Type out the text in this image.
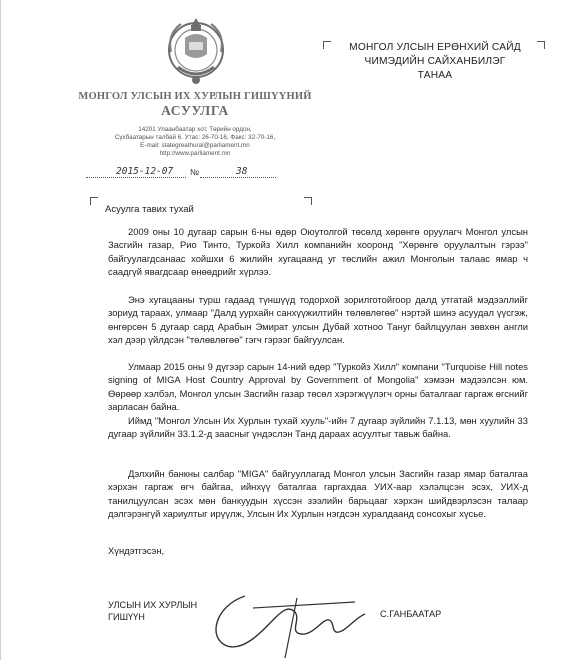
МОНГОЛ УЛСЫН ИХ ХУРЛЫН ГИШҮҮНИЙ
АСУУЛГА
14201 Улаанбаатар хот, Төрийн ордон,
Сүхбаатарын талбай 6. Утас: 26-70-16, Факс: 32-70-16,
E-mail: stategreathural@parliament.mn
http://www.parliament.mn
2015-12-07 №	38
МОНГОЛ УЛСЫН ЕРӨНХИЙ САЙД
ЧИМЭДИЙН САЙХАНБИЛЭГ
ТАНАА
Асуулга тавих тухай

2009 оны 10 дугаар сарын 6-ны өдөр Оюутолгой төсөлд хөрөнгө оруулагч Монгол улсын Засгийн газар, Рио Тинто, Туркойз Хилл компанийн хооронд "Хөрөнгө оруулалтын гэрээ" байгуулагдсанаас хойшхи 6 жилийн хугацаанд уг төслийн ажил Монголын талаас ямар ч саадгүй явагдсаар өнөөдрийг хүрлээ.

Энэ хугацааны турш гадаад түншүүд тодорхой зорилготойгоор далд утгатай мэдээллийг зориуд тараах, улмаар "Далд уурхайн санхүүжилтийн төлөвлөгөө" нэртэй шинэ асуудал үүсгэж, өнгөрсөн 5 дугаар сард Арабын Эмират улсын Дубай хотноо Тануг байлцуулан зөвхөн англи хэл дээр үйлдсэн "төлөвлөгөө" гэгч гэрээг байгуулсан.

Улмаар 2015 оны 9 дүгээр сарын 14-ний өдөр "Туркойз Хилл" компани "Turquoise Hill notes signing of MIGA Host Country Approval by Government of Mongolia" хэмээн мэдээлсэн юм. Өөрөөр хэлбэл, Монгол улсын Засгийн газар төсөл хэрэгжүүлэгч орны баталгааг гаргаж өгснийг зарласан байна.

Иймд "Монгол Улсын Их Хурлын тухай хууль"-ийн 7 дугаар зүйлийн 7.1.13, мөн хуулийн 33 дугаар зүйлийн 33.1.2-д заасныг үндэслэн Танд дараах асуултыг тавьж байна.

Дэлхийн банкны салбар "MIGA" байгууллагад Монгол улсын Засгийн газар ямар баталгаа хэрхэн гаргаж өгч байгаа, ийнхүү баталгаа гаргахдаа УИХ-аар хэлэлцсэн эсэх, УИХ-д танилцуулсан эсэх мөн банкуудын хүссэн зээлийн барьцааг хэрхэн шийдвэрлэсэн талаар дэлгэрэнгүй хариултыг ирүүлж, Улсын Их Хурлын нэгдсэн хуралдаанд сонсохыг хүсье.

Хүндэтгэсэн,
УЛСЫН ИХ ХУРЛЫН
ГИШҮҮН	С.ГАНБААТАР
